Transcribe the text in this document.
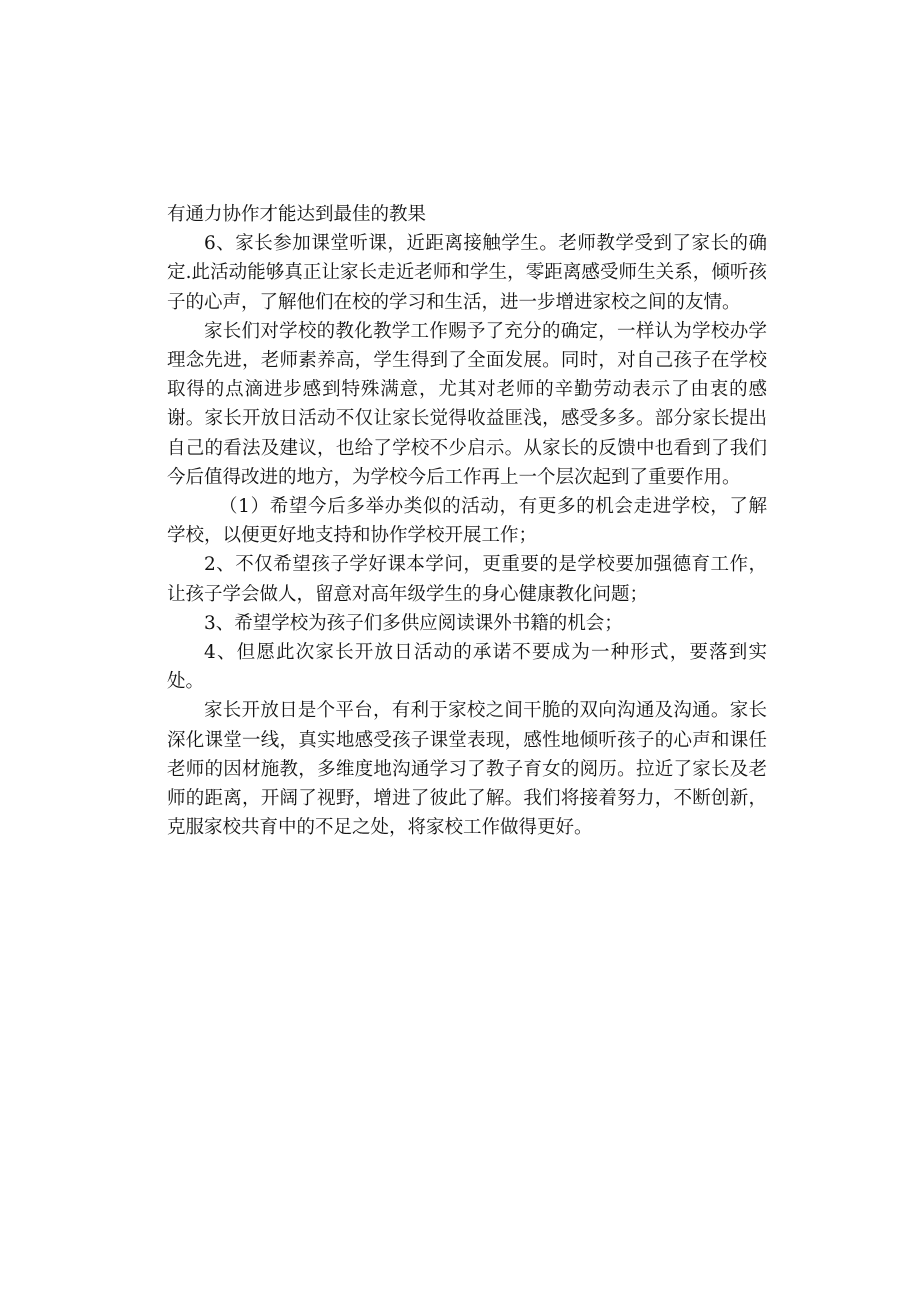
有通力协作才能达到最佳的教果

6、家长参加课堂听课，近距离接触学生。老师教学受到了家长的确定.此活动能够真正让家长走近老师和学生，零距离感受师生关系，倾听孩子的心声，了解他们在校的学习和生活，进一步增进家校之间的友情。

家长们对学校的教化教学工作赐予了充分的确定，一样认为学校办学理念先进，老师素养高，学生得到了全面发展。同时，对自己孩子在学校取得的点滴进步感到特殊满意，尤其对老师的辛勤劳动表示了由衷的感谢。家长开放日活动不仅让家长觉得收益匪浅，感受多多。部分家长提出自己的看法及建议，也给了学校不少启示。从家长的反馈中也看到了我们今后值得改进的地方，为学校今后工作再上一个层次起到了重要作用。

（1）希望今后多举办类似的活动，有更多的机会走进学校，了解学校，以便更好地支持和协作学校开展工作；

2、不仅希望孩子学好课本学问，更重要的是学校要加强德育工作，让孩子学会做人，留意对高年级学生的身心健康教化问题；

3、希望学校为孩子们多供应阅读课外书籍的机会；

4、但愿此次家长开放日活动的承诺不要成为一种形式，要落到实处。

家长开放日是个平台，有利于家校之间干脆的双向沟通及沟通。家长深化课堂一线，真实地感受孩子课堂表现，感性地倾听孩子的心声和课任老师的因材施教，多维度地沟通学习了教子育女的阅历。拉近了家长及老师的距离，开阔了视野，增进了彼此了解。我们将接着努力，不断创新，克服家校共育中的不足之处，将家校工作做得更好。
